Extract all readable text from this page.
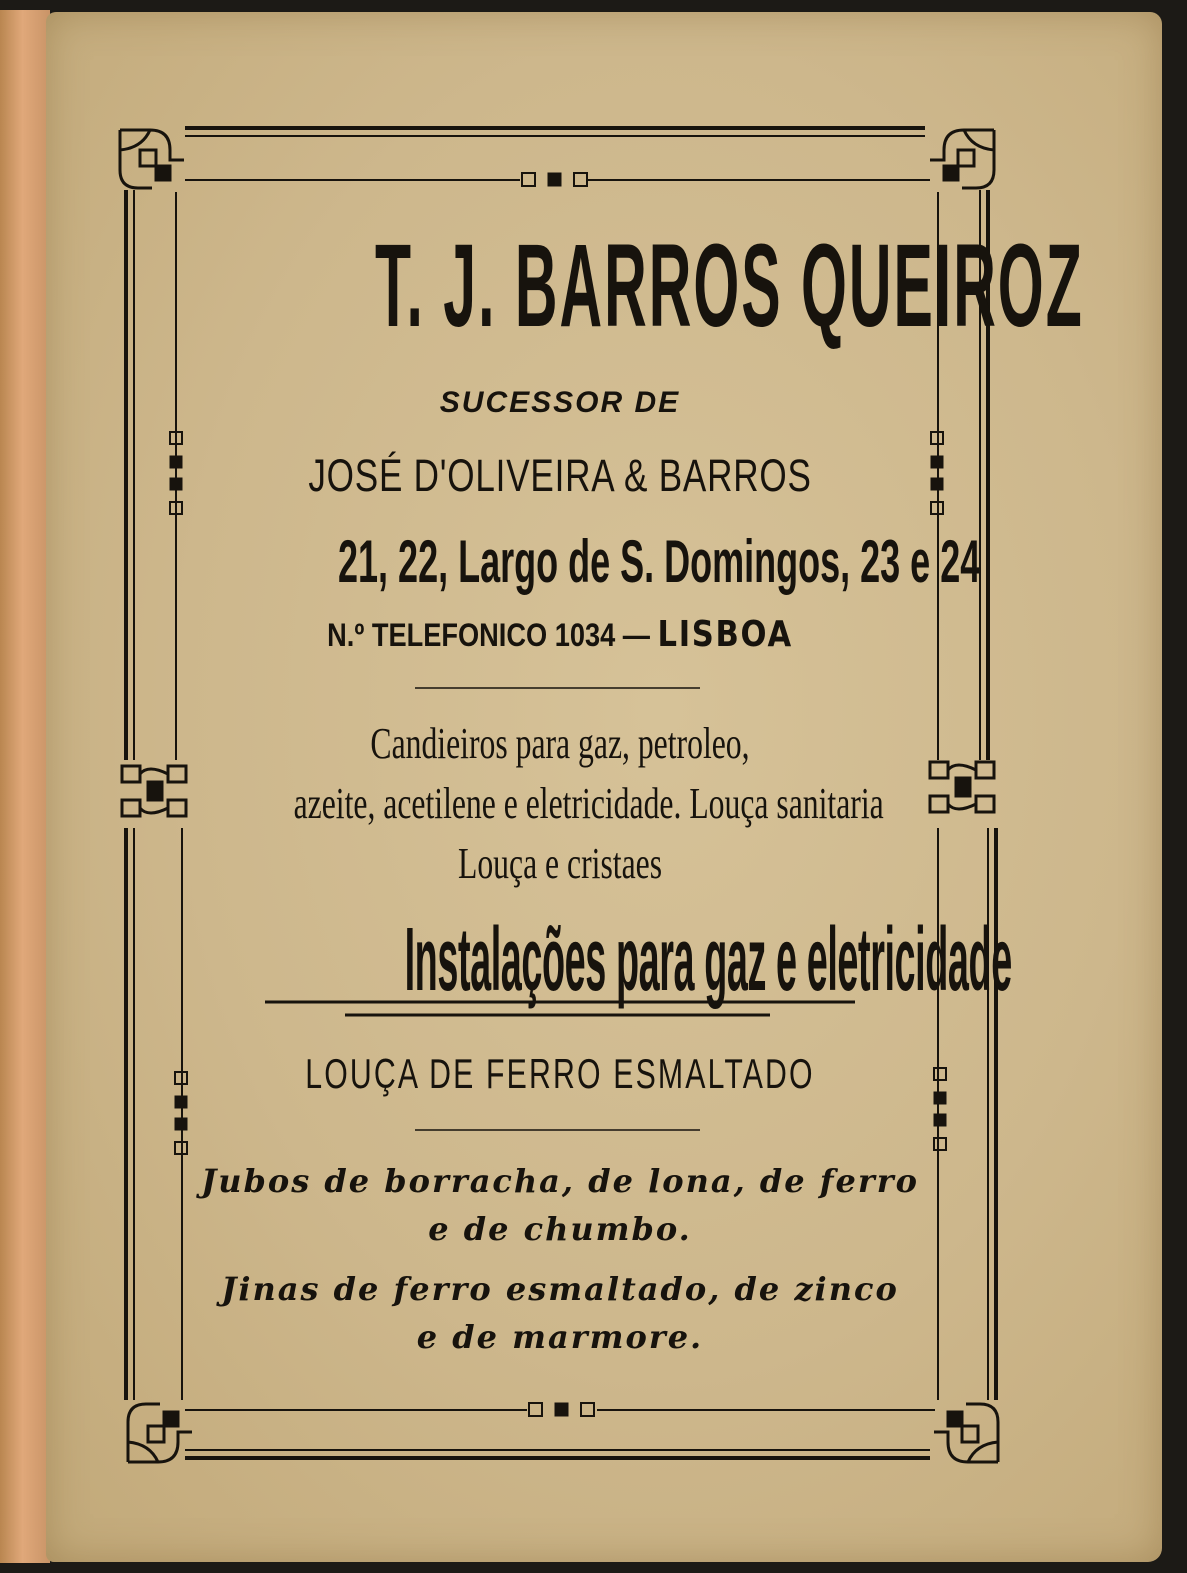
T. J. BARROS QUEIROZ
SUCESSOR DE
JOSÉ D'OLIVEIRA & BARROS
21, 22, Largo de S. Domingos, 23 e 24
N.º TELEFONICO 1034 — LISBOA
Candieiros para gaz, petroleo,
azeite, acetilene e eletricidade. Louça sanitaria
Louça e cristaes
Instalações para gaz e eletricidade
LOUÇA DE FERRO ESMALTADO
Jubos de borracha, de lona, de ferro
e de chumbo.
Jinas de ferro esmaltado, de zinco
e de marmore.
